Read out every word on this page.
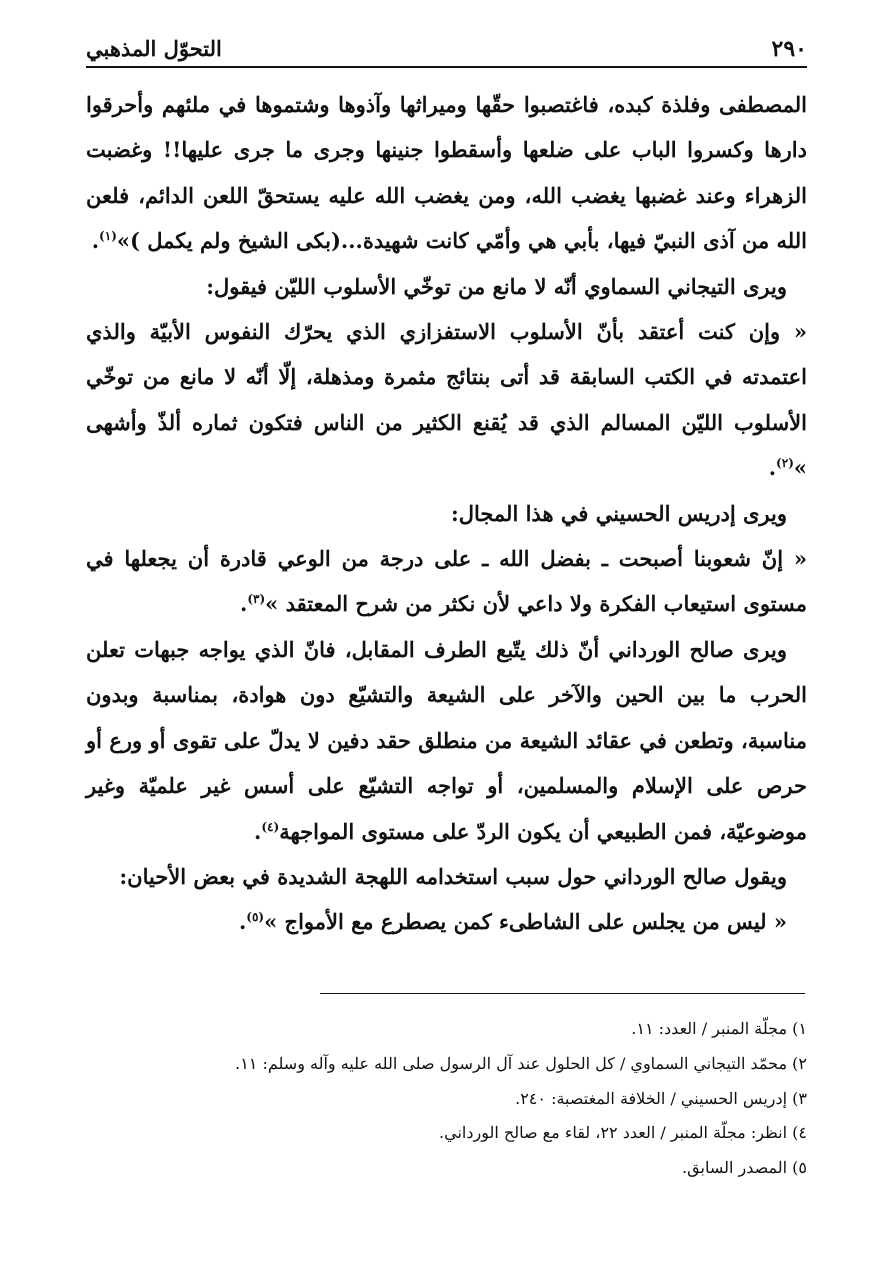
٢٩٠
التحوّل المذهبي

المصطفى وفلذة كبده، فاغتصبوا حقّها وميراثها وآذوها وشتموها في ملئهم وأحرقوا دارها وكسروا الباب على ضلعها وأسقطوا جنينها وجرى ما جرى عليها!! وغضبت الزهراء وعند غضبها يغضب الله، ومن يغضب الله عليه يستحقّ اللعن الدائم، فلعن الله من آذى النبيّ فيها، بأبي هي وأمّي كانت شهيدة...(بكى الشيخ ولم يكمل )»$^{(١)}$.

ويرى التيجاني السماوي أنّه لا مانع من توخّي الأسلوب الليّن فيقول:

« وإن كنت أعتقد بأنّ الأسلوب الاستفزازي الذي يحرّك النفوس الأبيّة والذي اعتمدته في الكتب السابقة قد أتى بنتائج مثمرة ومذهلة، إلّا أنّه لا مانع من توخّي الأسلوب الليّن المسالم الذي قد يُقنع الكثير من الناس فتكون ثماره ألذّ وأشهى »$^{(٢)}$.

ويرى إدريس الحسيني في هذا المجال:

« إنّ شعوبنا أصبحت ـ بفضل الله ـ على درجة من الوعي قادرة أن يجعلها في مستوى استيعاب الفكرة ولا داعي لأن نكثر من شرح المعتقد »$^{(٣)}$.

ويرى صالح الورداني أنّ ذلك يتّبع الطرف المقابل، فانّ الذي يواجه جبهات تعلن الحرب ما بين الحين والآخر على الشيعة والتشيّع دون هوادة، بمناسبة وبدون مناسبة، وتطعن في عقائد الشيعة من منطلق حقد دفين لا يدلّ على تقوى أو ورع أو حرص على الإسلام والمسلمين، أو تواجه التشيّع على أسس غير علميّة وغير موضوعيّة، فمن الطبيعي أن يكون الردّ على مستوى المواجهة$^{(٤)}$.

ويقول صالح الورداني حول سبب استخدامه اللهجة الشديدة في بعض الأحيان:

« ليس من يجلس على الشاطىء كمن يصطرع مع الأمواج »$^{(٥)}$.

١) مجلّة المنبر / العدد: ١١.
٢) محمّد التيجاني السماوي / كل الحلول عند آل الرسول صلى الله عليه وآله وسلم: ١١.
٣) إدريس الحسيني / الخلافة المغتصبة: ٢٤٠.
٤) انظر: مجلّة المنبر / العدد ٢٢، لقاء مع صالح الورداني.
٥) المصدر السابق.
